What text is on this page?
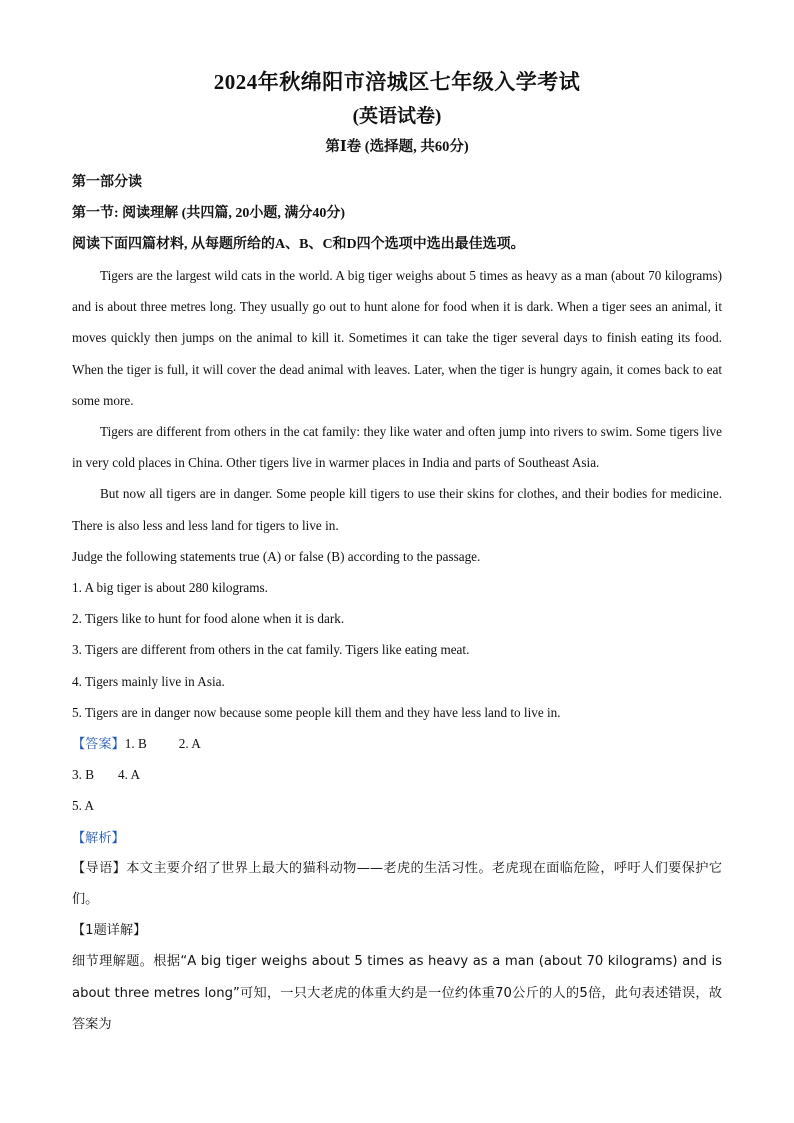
2024年秋绵阳市涪城区七年级入学考试

(英语试卷)

第Ⅰ卷 (选择题, 共60分)

第一部分读

第一节: 阅读理解 (共四篇, 20小题, 满分40分)

阅读下面四篇材料, 从每题所给的A、B、C和D四个选项中选出最佳选项。

Tigers are the largest wild cats in the world. A big tiger weighs about 5 times as heavy as a man (about 70 kilograms) and is about three metres long. They usually go out to hunt alone for food when it is dark. When a tiger sees an animal, it moves quickly then jumps on the animal to kill it. Sometimes it can take the tiger several days to finish eating its food. When the tiger is full, it will cover the dead animal with leaves. Later, when the tiger is hungry again, it comes back to eat some more.

Tigers are different from others in the cat family: they like water and often jump into rivers to swim. Some tigers live in very cold places in China. Other tigers live in warmer places in India and parts of Southeast Asia.

But now all tigers are in danger. Some people kill tigers to use their skins for clothes, and their bodies for medicine. There is also less and less land for tigers to live in.

Judge the following statements true (A) or false (B) according to the passage.

1. A big tiger is about 280 kilograms.

2. Tigers like to hunt for food alone when it is dark.

3. Tigers are different from others in the cat family. Tigers like eating meat.

4. Tigers mainly live in Asia.

5. Tigers are in danger now because some people kill them and they have less land to live in.

【答案】1. B 2. A

3. B 4. A

5. A

【解析】

【导语】本文主要介绍了世界上最大的猫科动物——老虎的生活习性。老虎现在面临危险，呼吁人们要保护它们。

【1题详解】

细节理解题。根据“A big tiger weighs about 5 times as heavy as a man (about 70 kilograms) and is about three metres long”可知，一只大老虎的体重大约是一位约体重70公斤的人的5倍，此句表述错误，故答案为
